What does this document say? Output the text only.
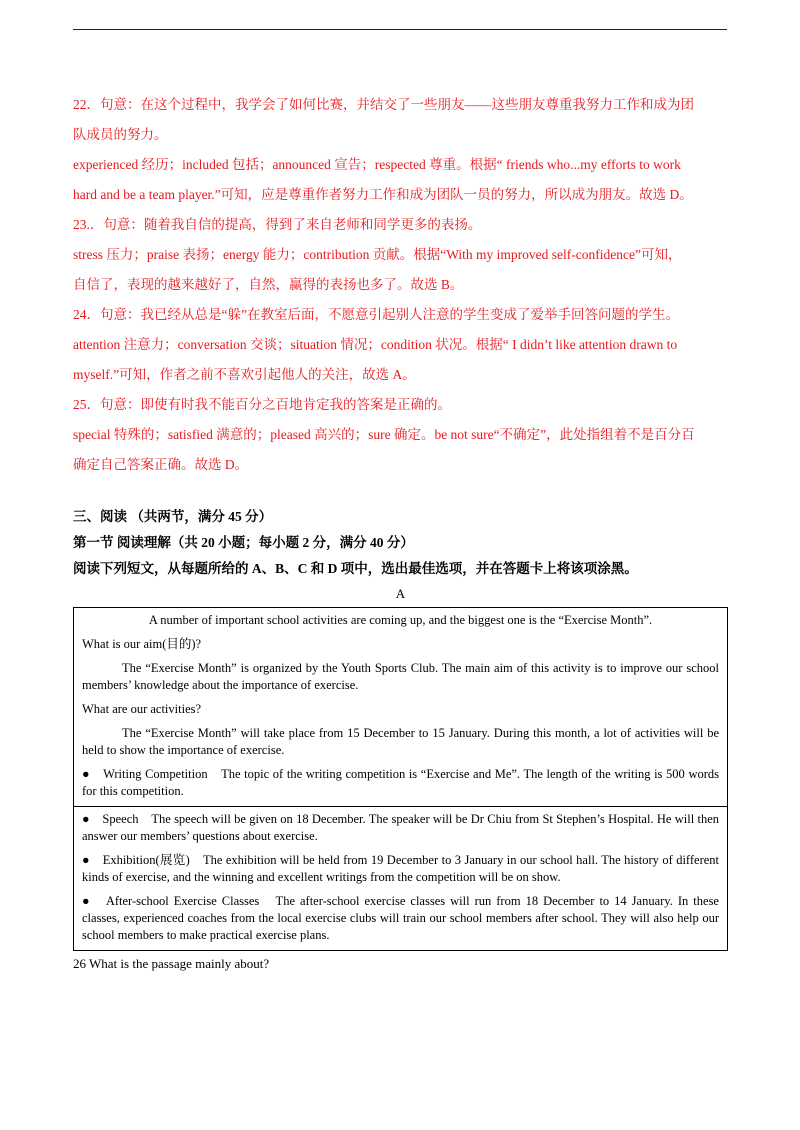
22．句意：在这个过程中，我学会了如何比赛，并结交了一些朋友——这些朋友尊重我努力工作和成为团

队成员的努力。

experienced 经历；included 包括；announced 宣告；respected 尊重。根据“ friends who...my efforts to work

hard and be a team player.”可知，应是尊重作者努力工作和成为团队一员的努力，所以成为朋友。故选 D。

23.．句意：随着我自信的提高，得到了来自老师和同学更多的表扬。

stress 压力；praise 表扬；energy 能力；contribution 贡献。根据“With my improved self-confidence”可知，

自信了，表现的越来越好了，自然，赢得的表扬也多了。故选 B。

24．句意：我已经从总是“躲”在教室后面，不愿意引起别人注意的学生变成了爱举手回答问题的学生。

attention 注意力；conversation 交谈；situation 情况；condition 状况。根据“ I didn’t like attention drawn to

myself.”可知，作者之前不喜欢引起他人的关注，故选 A。

25．句意：即使有时我不能百分之百地肯定我的答案是正确的。

special 特殊的；satisfied 满意的；pleased 高兴的；sure 确定。be not sure“不确定”，此处指组着不是百分百

确定自己答案正确。故选 D。

三、阅读 （共两节，满分 45 分）

第一节 阅读理解（共 20 小题；每小题 2 分，满分 40 分）

阅读下列短文，从每题所给的 A、B、C 和 D 项中，选出最佳选项，并在答题卡上将该项涂黑。

A

A number of important school activities are coming up, and the biggest one is the “Exercise Month”.

What is our aim(目的)?

The “Exercise Month” is organized by the Youth Sports Club. The main aim of this activity is to improve our school members’ knowledge about the importance of exercise.

What are our activities?

The “Exercise Month” will take place from 15 December to 15 January. During this month, a lot of activities will be held to show the importance of exercise.

●　Writing Competition　The topic of the writing competition is “Exercise and Me”. The length of the writing is 500 words for this competition.

●　Speech　The speech will be given on 18 December. The speaker will be Dr Chiu from St Stephen’s Hospital. He will then answer our members’ questions about exercise.

●　Exhibition(展览)　The exhibition will be held from 19 December to 3 January in our school hall. The history of different kinds of exercise, and the winning and excellent writings from the competition will be on show.

●　After-school Exercise Classes　The after-school exercise classes will run from 18 December to 14 January. In these classes, experienced coaches from the local exercise clubs will train our school members after school. They will also help our school members to make practical exercise plans.

26 What is the passage mainly about?
